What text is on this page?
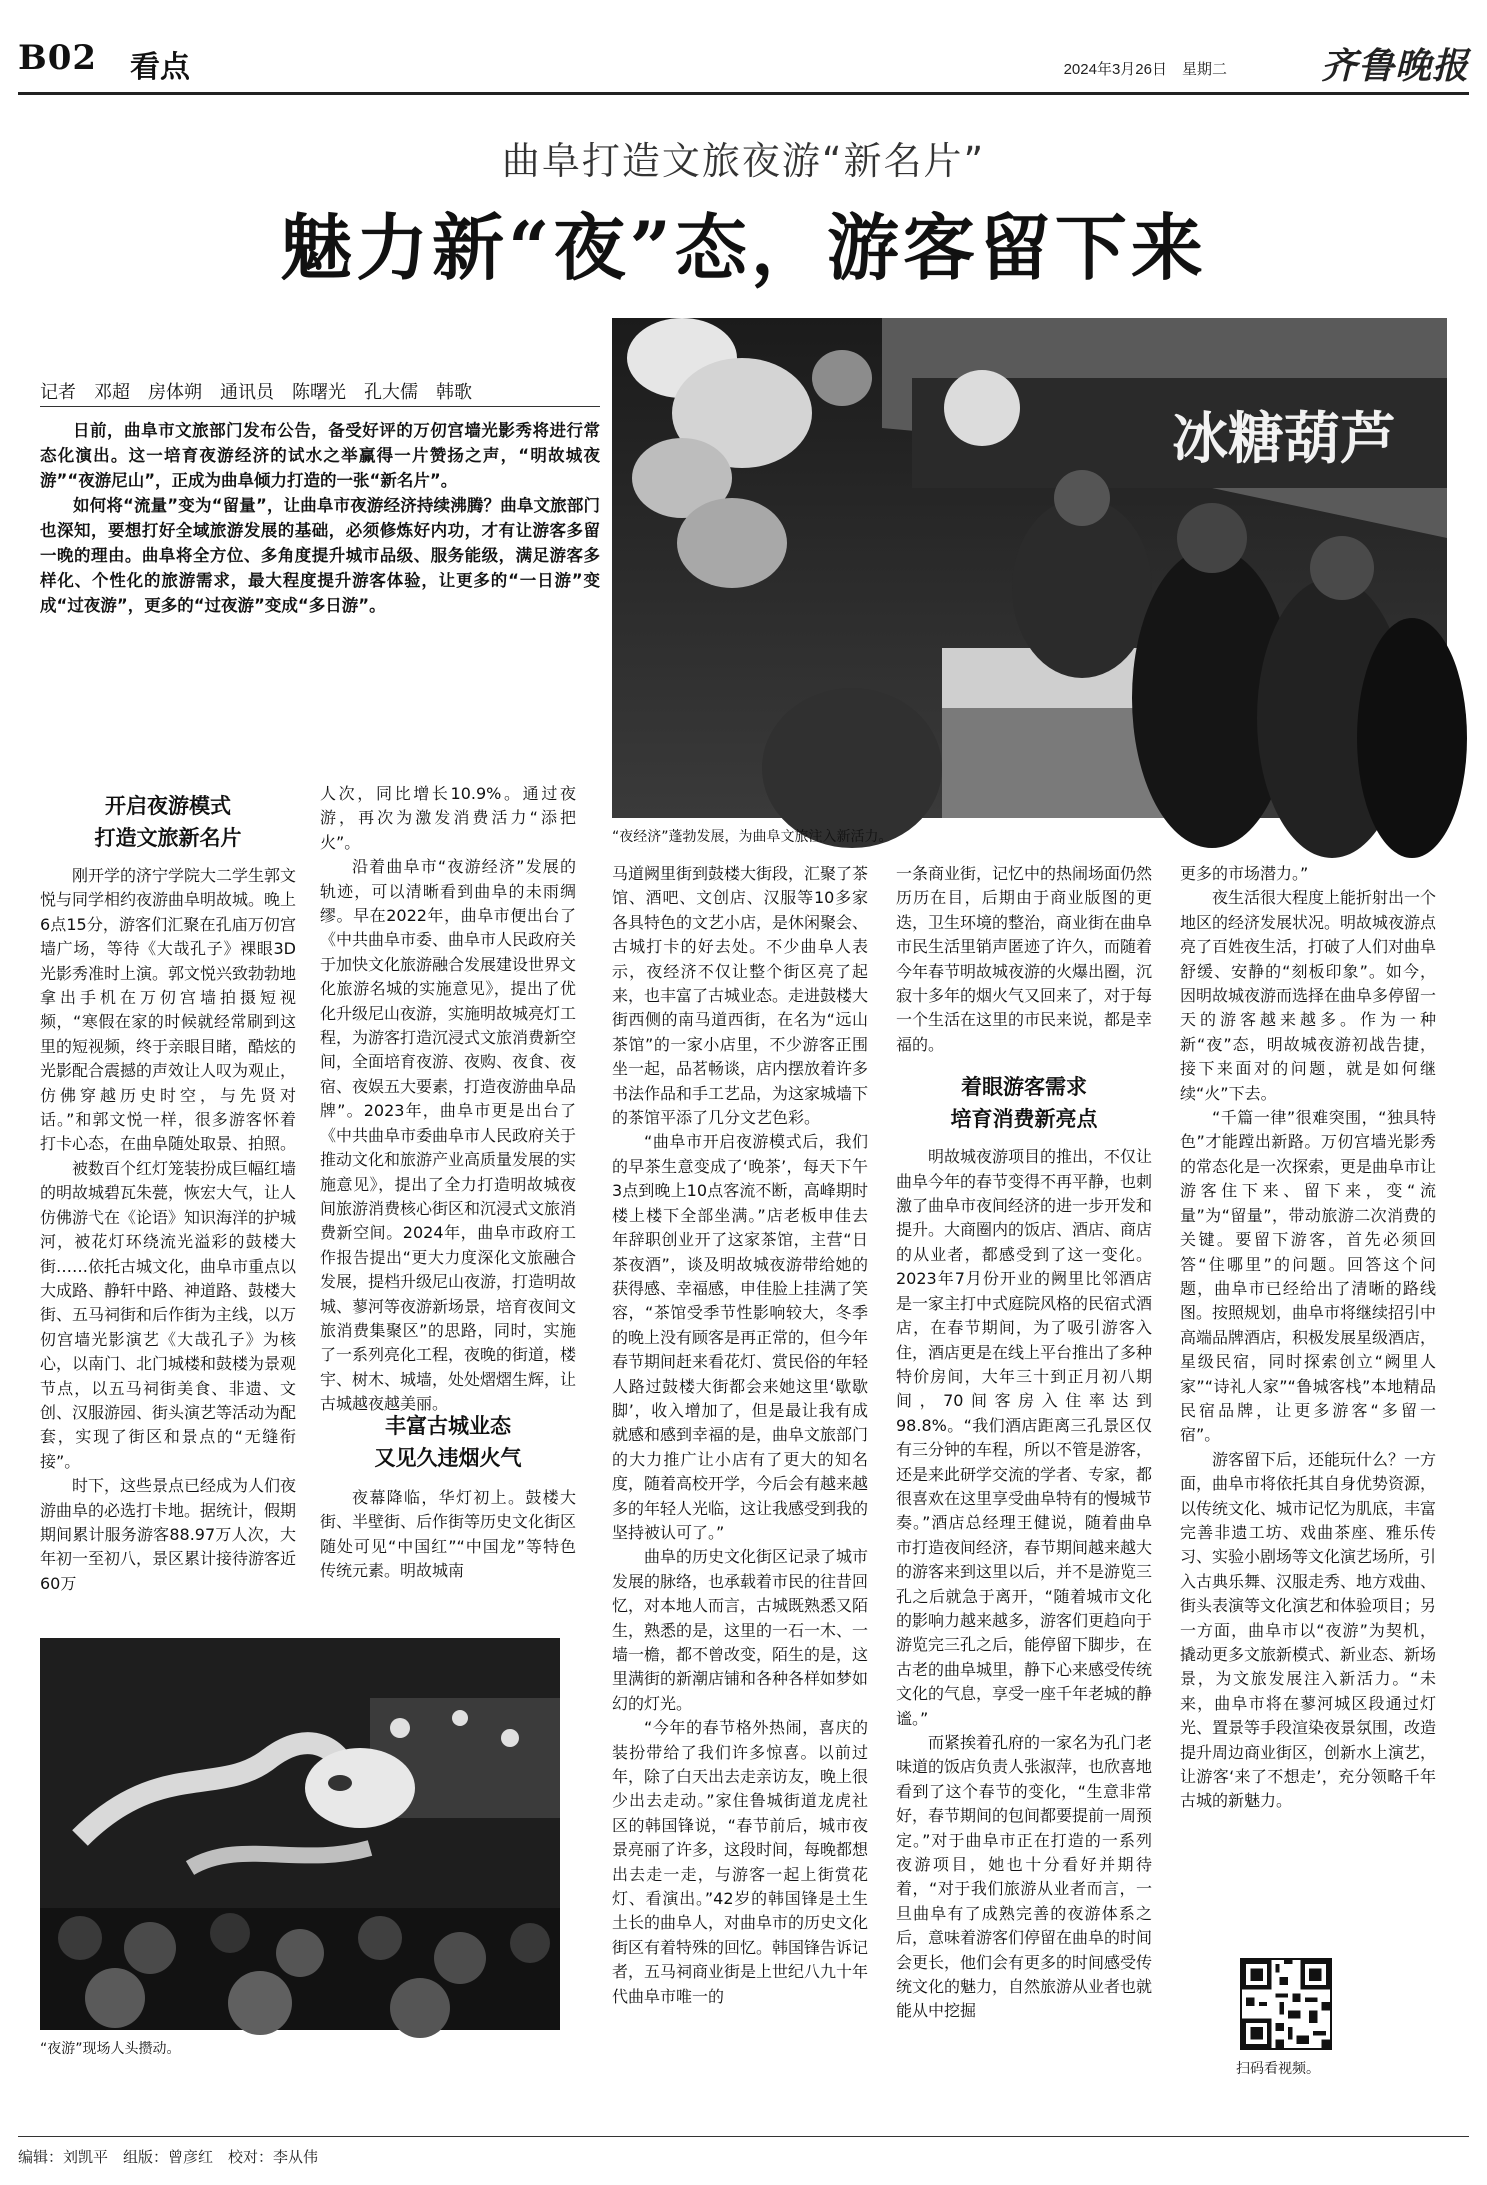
B02 看点	2024年3月26日　星期二	齐鲁晚报
曲阜打造文旅夜游“新名片”
魅力新“夜”态，游客留下来
记者　邓超　房体朔　通讯员　陈曙光　孔大儒　韩歌

日前，曲阜市文旅部门发布公告，备受好评的万仞宫墙光影秀将进行常态化演出。这一培育夜游经济的试水之举赢得一片赞扬之声，“明故城夜游”“夜游尼山”，正成为曲阜倾力打造的一张“新名片”。

如何将“流量”变为“留量”，让曲阜市夜游经济持续沸腾？曲阜文旅部门也深知，要想打好全域旅游发展的基础，必须修炼好内功，才有让游客多留一晚的理由。曲阜将全方位、多角度提升城市品级、服务能级，满足游客多样化、个性化的旅游需求，最大程度提升游客体验，让更多的“一日游”变成“过夜游”，更多的“过夜游”变成“多日游”。

冰糖葫芦
“夜经济”蓬勃发展，为曲阜文旅注入新活力。
开启夜游模式
打造文旅新名片

刚开学的济宁学院大二学生郭文悦与同学相约夜游曲阜明故城。晚上6点15分，游客们汇聚在孔庙万仞宫墙广场，等待《大哉孔子》裸眼3D光影秀准时上演。郭文悦兴致勃勃地拿出手机在万仞宫墙拍摄短视频，“寒假在家的时候就经常刷到这里的短视频，终于亲眼目睹，酷炫的光影配合震撼的声效让人叹为观止，仿佛穿越历史时空，与先贤对话。”和郭文悦一样，很多游客怀着打卡心态，在曲阜随处取景、拍照。

被数百个红灯笼装扮成巨幅红墙的明故城碧瓦朱甍，恢宏大气，让人仿佛游弋在《论语》知识海洋的护城河，被花灯环绕流光溢彩的鼓楼大街……依托古城文化，曲阜市重点以大成路、静轩中路、神道路、鼓楼大街、五马祠街和后作街为主线，以万仞宫墙光影演艺《大哉孔子》为核心，以南门、北门城楼和鼓楼为景观节点，以五马祠街美食、非遗、文创、汉服游园、街头演艺等活动为配套，实现了街区和景点的“无缝衔接”。

时下，这些景点已经成为人们夜游曲阜的必选打卡地。据统计，假期期间累计服务游客88.97万人次，大年初一至初八，景区累计接待游客近60万

人次，同比增长10.9%。通过夜游，再次为激发消费活力“添把火”。

沿着曲阜市“夜游经济”发展的轨迹，可以清晰看到曲阜的未雨绸缪。早在2022年，曲阜市便出台了《中共曲阜市委、曲阜市人民政府关于加快文化旅游融合发展建设世界文化旅游名城的实施意见》，提出了优化升级尼山夜游，实施明故城亮灯工程，为游客打造沉浸式文旅消费新空间，全面培育夜游、夜购、夜食、夜宿、夜娱五大要素，打造夜游曲阜品牌”。2023年，曲阜市更是出台了《中共曲阜市委曲阜市人民政府关于推动文化和旅游产业高质量发展的实施意见》，提出了全力打造明故城夜间旅游消费核心街区和沉浸式文旅消费新空间。2024年，曲阜市政府工作报告提出“更大力度深化文旅融合发展，提档升级尼山夜游，打造明故城、蓼河等夜游新场景，培育夜间文旅消费集聚区”的思路，同时，实施了一系列亮化工程，夜晚的街道，楼宇、树木、城墙，处处熠熠生辉，让古城越夜越美丽。

丰富古城业态
又见久违烟火气

夜幕降临，华灯初上。鼓楼大街、半壁街、后作街等历史文化街区随处可见“中国红”“中国龙”等特色传统元素。明故城南

马道阙里街到鼓楼大街段，汇聚了茶馆、酒吧、文创店、汉服等10多家各具特色的文艺小店，是休闲聚会、古城打卡的好去处。不少曲阜人表示，夜经济不仅让整个街区亮了起来，也丰富了古城业态。走进鼓楼大街西侧的南马道西街，在名为“远山茶馆”的一家小店里，不少游客正围坐一起，品茗畅谈，店内摆放着许多书法作品和手工艺品，为这家城墙下的茶馆平添了几分文艺色彩。

“曲阜市开启夜游模式后，我们的早茶生意变成了‘晚茶’，每天下午3点到晚上10点客流不断，高峰期时楼上楼下全部坐满。”店老板申佳去年辞职创业开了这家茶馆，主营“日茶夜酒”，谈及明故城夜游带给她的获得感、幸福感，申佳脸上挂满了笑容，“茶馆受季节性影响较大，冬季的晚上没有顾客是再正常的，但今年春节期间赶来看花灯、赏民俗的年轻人路过鼓楼大街都会来她这里‘歇歇脚’，收入增加了，但是最让我有成就感和感到幸福的是，曲阜文旅部门的大力推广让小店有了更大的知名度，随着高校开学，今后会有越来越多的年轻人光临，这让我感受到我的坚持被认可了。”

曲阜的历史文化街区记录了城市发展的脉络，也承载着市民的往昔回忆，对本地人而言，古城既熟悉又陌生，熟悉的是，这里的一石一木、一墙一檐，都不曾改变，陌生的是，这里满街的新潮店铺和各种各样如梦如幻的灯光。

“今年的春节格外热闹，喜庆的装扮带给了我们许多惊喜。以前过年，除了白天出去走亲访友，晚上很少出去走动。”家住鲁城街道龙虎社区的韩国锋说，“春节前后，城市夜景亮丽了许多，这段时间，每晚都想出去走一走，与游客一起上街赏花灯、看演出。”42岁的韩国锋是土生土长的曲阜人，对曲阜市的历史文化街区有着特殊的回忆。韩国锋告诉记者，五马祠商业街是上世纪八九十年代曲阜市唯一的

一条商业街，记忆中的热闹场面仍然历历在目，后期由于商业版图的更迭，卫生环境的整治，商业街在曲阜市民生活里销声匿迹了许久，而随着今年春节明故城夜游的火爆出圈，沉寂十多年的烟火气又回来了，对于每一个生活在这里的市民来说，都是幸福的。

着眼游客需求
培育消费新亮点

明故城夜游项目的推出，不仅让曲阜今年的春节变得不再平静，也刺激了曲阜市夜间经济的进一步开发和提升。大商圈内的饭店、酒店、商店的从业者，都感受到了这一变化。2023年7月份开业的阙里比邻酒店是一家主打中式庭院风格的民宿式酒店，在春节期间，为了吸引游客入住，酒店更是在线上平台推出了多种特价房间，大年三十到正月初八期间，70间客房入住率达到98.8%。“我们酒店距离三孔景区仅有三分钟的车程，所以不管是游客，还是来此研学交流的学者、专家，都很喜欢在这里享受曲阜特有的慢城节奏。”酒店总经理王健说，随着曲阜市打造夜间经济，春节期间越来越大的游客来到这里以后，并不是游览三孔之后就急于离开，“随着城市文化的影响力越来越多，游客们更趋向于游览完三孔之后，能停留下脚步，在古老的曲阜城里，静下心来感受传统文化的气息，享受一座千年老城的静谧。”

而紧挨着孔府的一家名为孔门老味道的饭店负责人张淑萍，也欣喜地看到了这个春节的变化，“生意非常好，春节期间的包间都要提前一周预定。”对于曲阜市正在打造的一系列夜游项目，她也十分看好并期待着，“对于我们旅游从业者而言，一旦曲阜有了成熟完善的夜游体系之后，意味着游客们停留在曲阜的时间会更长，他们会有更多的时间感受传统文化的魅力，自然旅游从业者也就能从中挖掘

更多的市场潜力。”

夜生活很大程度上能折射出一个地区的经济发展状况。明故城夜游点亮了百姓夜生活，打破了人们对曲阜舒缓、安静的“刻板印象”。如今，因明故城夜游而选择在曲阜多停留一天的游客越来越多。作为一种新“夜”态，明故城夜游初战告捷，接下来面对的问题，就是如何继续“火”下去。

“千篇一律”很难突围，“独具特色”才能蹚出新路。万仞宫墙光影秀的常态化是一次探索，更是曲阜市让游客住下来、留下来，变“流量”为“留量”，带动旅游二次消费的关键。要留下游客，首先必须回答“住哪里”的问题。回答这个问题，曲阜市已经给出了清晰的路线图。按照规划，曲阜市将继续招引中高端品牌酒店，积极发展星级酒店，星级民宿，同时探索创立“阙里人家”“诗礼人家”“鲁城客栈”本地精品民宿品牌，让更多游客“多留一宿”。

游客留下后，还能玩什么？一方面，曲阜市将依托其自身优势资源，以传统文化、城市记忆为肌底，丰富完善非遗工坊、戏曲茶座、雅乐传习、实验小剧场等文化演艺场所，引入古典乐舞、汉服走秀、地方戏曲、街头表演等文化演艺和体验项目；另一方面，曲阜市以“夜游”为契机，撬动更多文旅新模式、新业态、新场景，为文旅发展注入新活力。“未来，曲阜市将在蓼河城区段通过灯光、置景等手段渲染夜景氛围，改造提升周边商业街区，创新水上演艺，让游客‘来了不想走’，充分领略千年古城的新魅力。

扫码看视频。
“夜游”现场人头攒动。
编辑：刘凯平　组版：曾彦红　校对：李从伟
